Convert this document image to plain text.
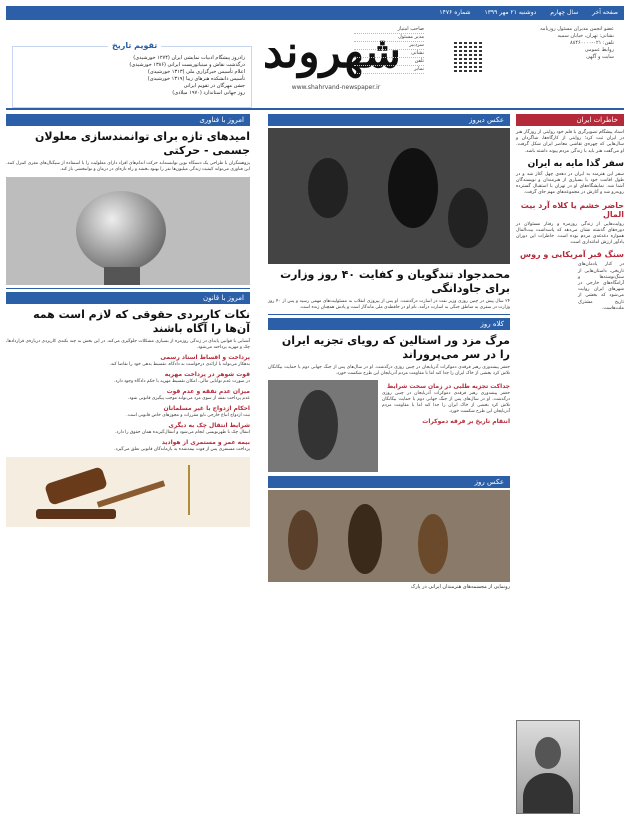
صفحه آخر سال چهارم دوشنبه ۲۱ مهر ۱۳۹۹ شماره ۱۴۷۶
شهروند
www.shahrvand-newspaper.ir
عضو انجمن مدیران مسئول روزنامه
نشانی: تهران، خیابان سمیه
تلفن: ۰۲۱-۸۸۴۶۰۰۰۰
روابط عمومی
سایت و آگهی
صاحب امتیاز
مدیر مسئول
سردبیر
نشانی
تلفن
نمابر
تقویم تاریخ
زادروز پیشگام ادبیات نمایشی ایران (۱۲۷۴ خورشیدی)
درگذشت نقاش و مینیاتوریست ایرانی (۱۳۸۶ خورشیدی)
اعلام تأسیس خبرگزاری ملی (۱۳۱۳ خورشیدی)
تأسیس دانشکده هنرهای زیبا (۱۳۱۹ خورشیدی)
جشن مهرگان در تقویم ایرانی
روز جهانی استاندارد (۱۹۷۰ میلادی)
خاطرات ایران
استاد پیشگام تصویرگری با قلم خود روایتی از روزگار هنر در ایران ثبت کرد؛ روایتی از کارگاه‌ها، شاگردان و سال‌هایی که چهره‌ی نقاشی معاصر ایران شکل گرفت. او می‌گفت هنر باید با زندگی مردم پیوند داشته باشد.
سفر گذا مایه به ایران
سفر این هنرمند به ایران در دهه‌ی چهل آغاز شد و در طول اقامت خود با بسیاری از هنرمندان و نویسندگان آشنا شد. نمایشگاه‌های او در تهران با استقبال گسترده روبه‌رو شد و آثارش در مجموعه‌های مهم جای گرفت.
حاضر خشم یا کلاه آرد بیت المال
روایت‌هایی از زندگی روزمره و رفتار مسئولان در دوره‌های گذشته نشان می‌دهد که پاسداشت بیت‌المال همواره دغدغه‌ی مردم بوده است. خاطرات این دوران یادآور ارزش امانتداری است.
سنگ قبر آمریکایی و روس
در کنار یادمان‌های تاریخی، داستان‌هایی از سنگ‌نوشته‌ها و آرامگاه‌های خارجی در شهرهای ایران روایت می‌شود که بخشی از تاریخ مشترک ملت‌هاست.
عکس دیروز
محمدجواد تندگویان و کفایت ۴۰ روز وزارت برای جاودانگی
۲۴ سال پیش در چنین روزی وزیر نفت در اسارت درگذشت. او پس از پیروزی انقلاب به مسئولیت‌های مهمی رسید و پس از ۴۰ روز وزارت در سفری به مناطق جنگی به اسارت درآمد. نام او در حافظه‌ی ملی ماندگار است و یادش همچنان زنده است.
کلاه روز
مرگ مزد ور استالین که رویای تجزیه ایران را در سر می‌پروراند
جعفر پیشه‌وری رهبر فرقه‌ی دموکرات آذربایجان در چنین روزی درگذشت. او در سال‌های پس از جنگ جهانی دوم با حمایت بیگانگان تلاش کرد بخشی از خاک ایران را جدا کند اما با مقاومت مردم آذربایجان این طرح شکست خورد.
جداکت تجزیه طلبی در زمان سخت شرایط
جعفر پیشه‌وری رهبر فرقه‌ی دموکرات آذربایجان در چنین روزی درگذشت. او در سال‌های پس از جنگ جهانی دوم با حمایت بیگانگان تلاش کرد بخشی از خاک ایران را جدا کند اما با مقاومت مردم آذربایجان این طرح شکست خورد.
انتقام تاریخ بر فرقه دموکرات
عکس روز
رونمایی از مجسمه‌های هنرمندان ایرانی در پارک
امروز با فناوری
امیدهای تازه برای توانمندسازی معلولان جسمی - حرکتی
پژوهشگران با طراحی یک دستگاه نوین توانسته‌اند حرکت اندام‌های افراد دارای معلولیت را با استفاده از سیگنال‌های مغزی کنترل کنند. این فناوری می‌تواند کیفیت زندگی میلیون‌ها نفر را بهبود بخشد و راه تازه‌ای در درمان و توانبخشی باز کند.
امروز با قانون
نکات کاربردی حقوقی که لازم است همه آن‌ها را آگاه باشند
آشنایی با قوانین پایه‌ای در زندگی روزمره از بسیاری مشکلات جلوگیری می‌کند. در این بخش به چند نکته‌ی کاربردی درباره‌ی قراردادها، چک و مهریه پرداخته می‌شود.
پرداخت و اقساط اسناد رسمی
بدهکار می‌تواند با ارائه‌ی درخواست به دادگاه، تقسیط بدهی خود را تقاضا کند.
قوت شوهر در پرداخت مهریه
در صورت عدم توانایی مالی، امکان تقسیط مهریه با حکم دادگاه وجود دارد.
میزان عدم نفقه و عدم قوت
عدم پرداخت نفقه از سوی مرد می‌تواند موجب پیگیری قانونی شود.
احکام ازدواج با غیر مسلمانان
ثبت ازدواج اتباع خارجی تابع مقررات و مجوزهای خاص قانونی است.
شرایط انتقال چک به دیگری
انتقال چک با ظهرنویسی انجام می‌شود و انتقال‌گیرنده همان حقوق را دارد.
بیمه عمر و مستمری از هوادید
پرداخت مستمری پس از فوت بیمه‌شده به بازماندگان قانونی تعلق می‌گیرد.
